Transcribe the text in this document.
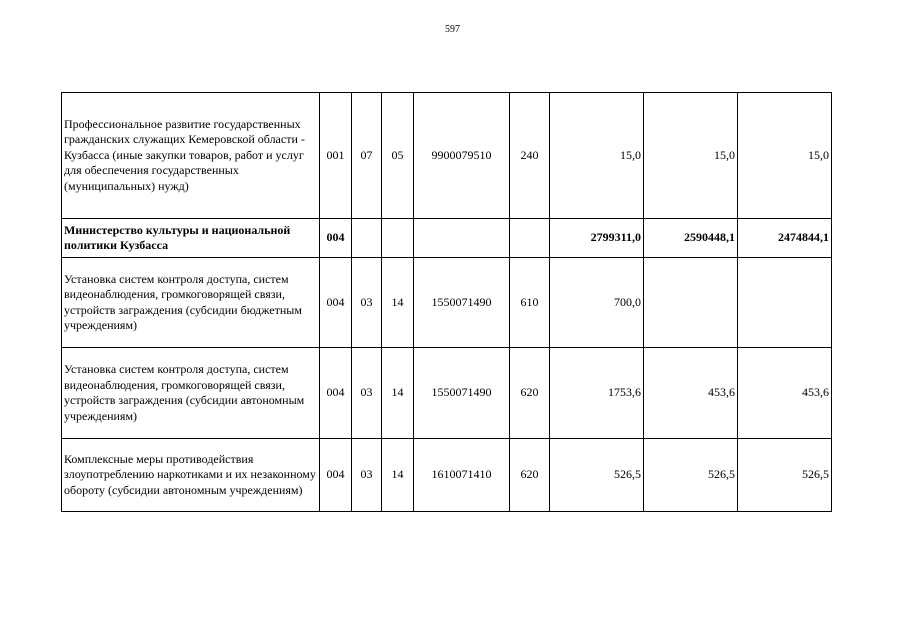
597
Профессиональное развитие государственных гражданских служащих Кемеровской области - Кузбасса (иные закупки товаров, работ и услуг для обеспечения государственных (муниципальных) нужд)	001	07	05	9900079510	240	15,0	15,0	15,0
Министерство культуры и национальной политики Кузбасса	004					2799311,0	2590448,1	2474844,1
Установка систем контроля доступа, систем видеонаблюдения, громкоговорящей связи, устройств заграждения (субсидии бюджетным учреждениям)	004	03	14	1550071490	610	700,0		
Установка систем контроля доступа, систем видеонаблюдения, громкоговорящей связи, устройств заграждения (субсидии автономным учреждениям)	004	03	14	1550071490	620	1753,6	453,6	453,6
Комплексные меры противодействия злоупотреблению наркотиками и их незаконному обороту (субсидии автономным учреждениям)	004	03	14	1610071410	620	526,5	526,5	526,5
